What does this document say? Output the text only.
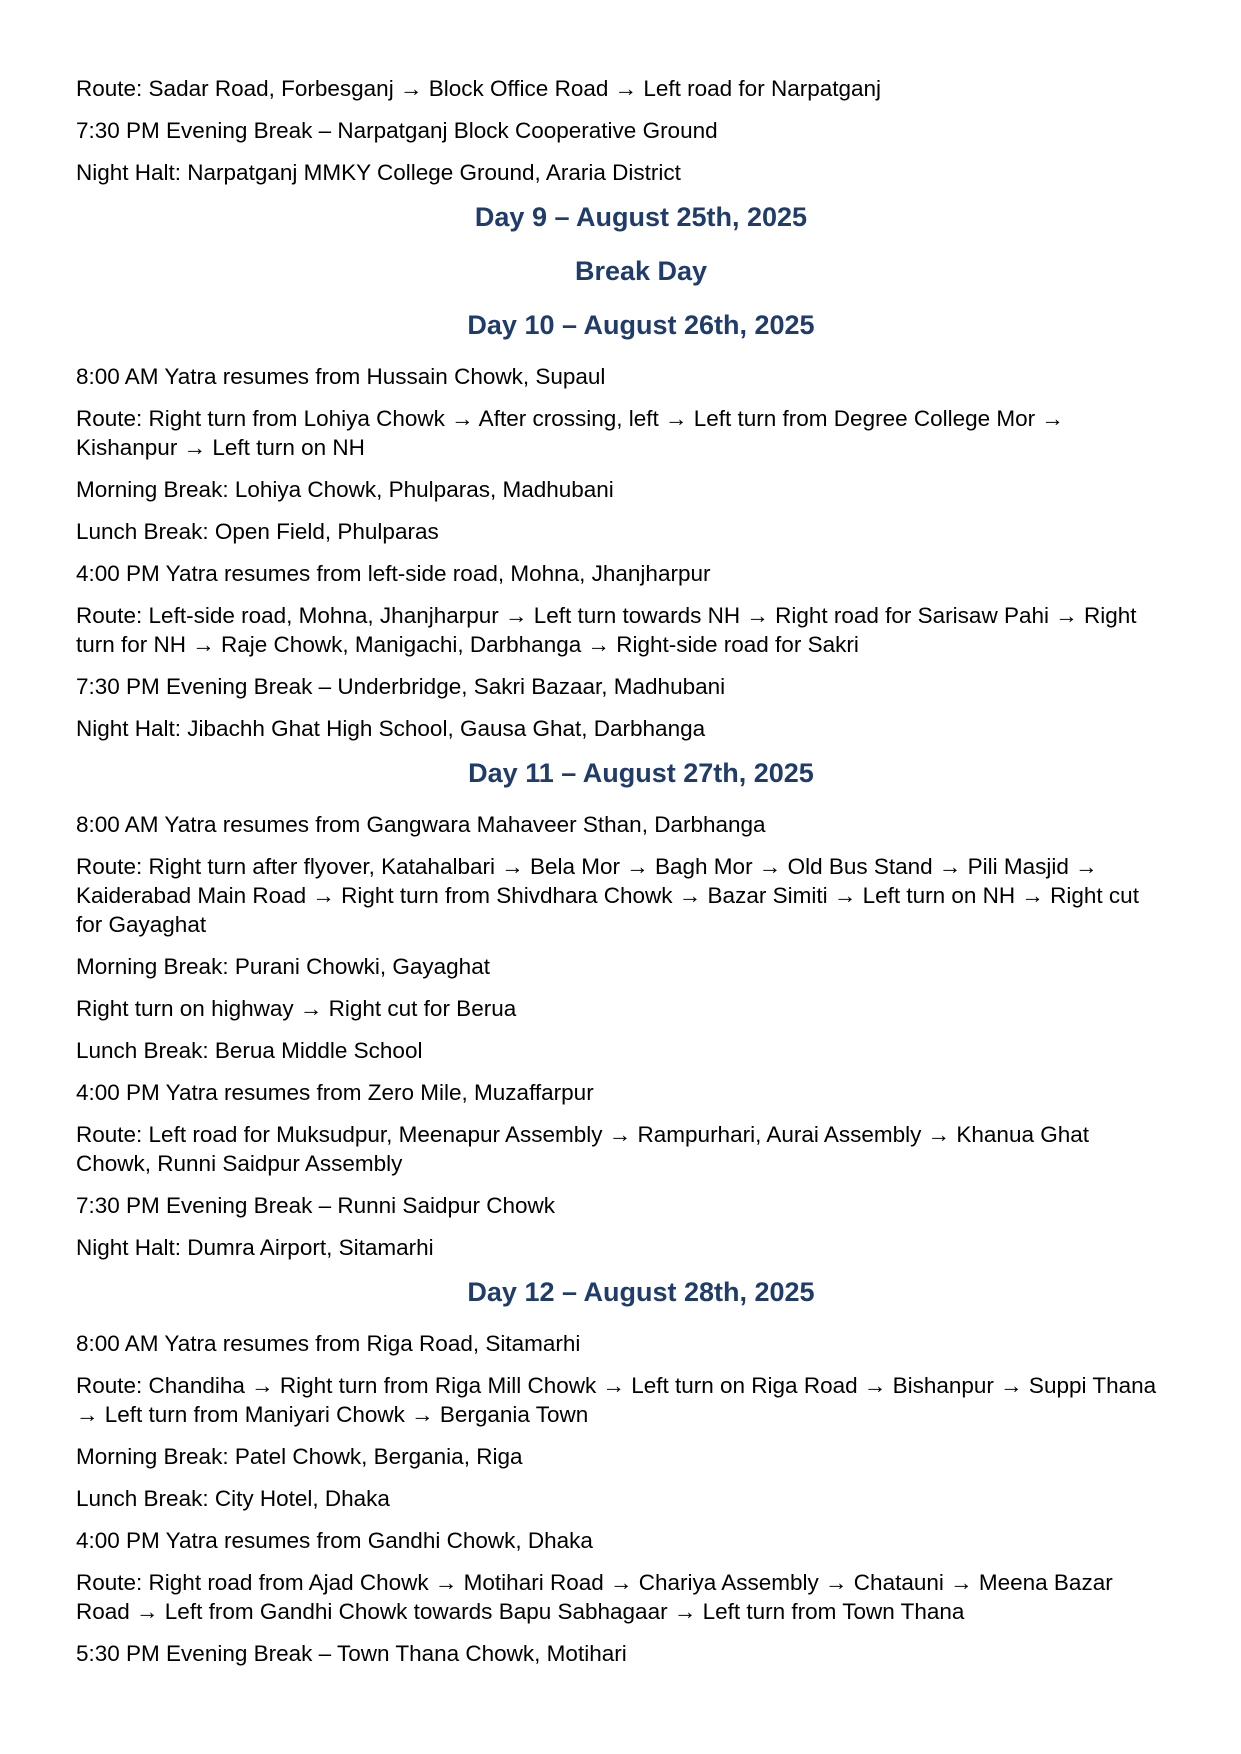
Route: Sadar Road, Forbesganj → Block Office Road → Left road for Narpatganj

7:30 PM Evening Break – Narpatganj Block Cooperative Ground

Night Halt: Narpatganj MMKY College Ground, Araria District

Day 9 – August 25th, 2025
Break Day
Day 10 – August 26th, 2025

8:00 AM Yatra resumes from Hussain Chowk, Supaul

Route: Right turn from Lohiya Chowk → After crossing, left → Left turn from Degree College Mor → Kishanpur → Left turn on NH

Morning Break: Lohiya Chowk, Phulparas, Madhubani

Lunch Break: Open Field, Phulparas

4:00 PM Yatra resumes from left-side road, Mohna, Jhanjharpur

Route: Left-side road, Mohna, Jhanjharpur → Left turn towards NH → Right road for Sarisaw Pahi → Right turn for NH → Raje Chowk, Manigachi, Darbhanga → Right-side road for Sakri

7:30 PM Evening Break – Underbridge, Sakri Bazaar, Madhubani

Night Halt: Jibachh Ghat High School, Gausa Ghat, Darbhanga

Day 11 – August 27th, 2025

8:00 AM Yatra resumes from Gangwara Mahaveer Sthan, Darbhanga

Route: Right turn after flyover, Katahalbari → Bela Mor → Bagh Mor → Old Bus Stand → Pili Masjid → Kaiderabad Main Road → Right turn from Shivdhara Chowk → Bazar Simiti → Left turn on NH → Right cut for Gayaghat

Morning Break: Purani Chowki, Gayaghat

Right turn on highway → Right cut for Berua

Lunch Break: Berua Middle School

4:00 PM Yatra resumes from Zero Mile, Muzaffarpur

Route: Left road for Muksudpur, Meenapur Assembly → Rampurhari, Aurai Assembly → Khanua Ghat Chowk, Runni Saidpur Assembly

7:30 PM Evening Break – Runni Saidpur Chowk

Night Halt: Dumra Airport, Sitamarhi

Day 12 – August 28th, 2025

8:00 AM Yatra resumes from Riga Road, Sitamarhi

Route: Chandiha → Right turn from Riga Mill Chowk → Left turn on Riga Road → Bishanpur → Suppi Thana → Left turn from Maniyari Chowk → Bergania Town

Morning Break: Patel Chowk, Bergania, Riga

Lunch Break: City Hotel, Dhaka

4:00 PM Yatra resumes from Gandhi Chowk, Dhaka

Route: Right road from Ajad Chowk → Motihari Road → Chariya Assembly → Chatauni → Meena Bazar Road → Left from Gandhi Chowk towards Bapu Sabhagaar → Left turn from Town Thana

5:30 PM Evening Break – Town Thana Chowk, Motihari
